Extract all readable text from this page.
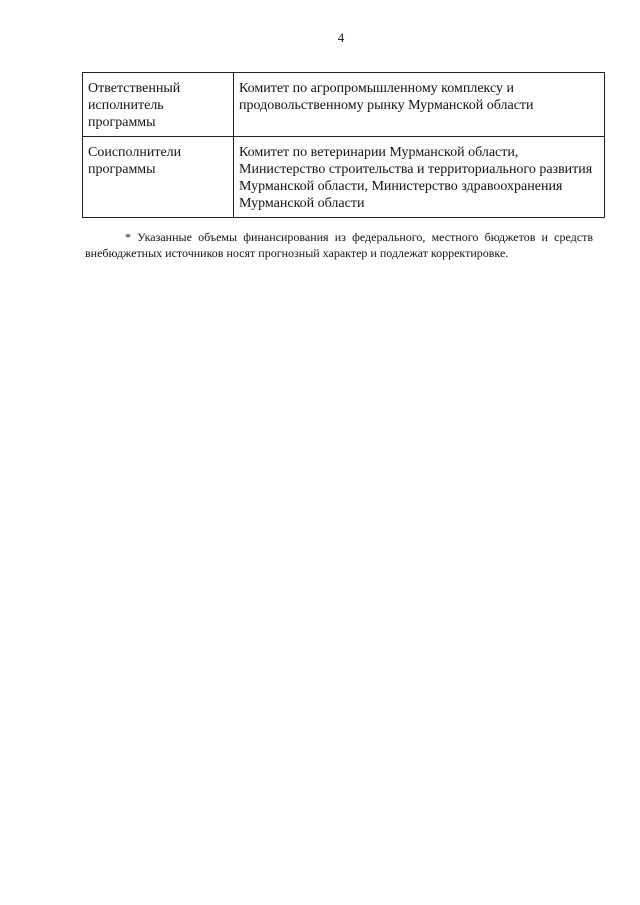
4
Ответственный исполнитель программы	Комитет по агропромышленному комплексу и продовольственному рынку Мурманской области
Соисполнители программы	Комитет по ветеринарии Мурманской области, Министерство строительства и территориального развития Мурманской области, Министерство здравоохранения Мурманской области

* Указанные объемы финансирования из федерального, местного бюджетов и средств внебюджетных источников носят прогнозный характер и подлежат корректировке.
